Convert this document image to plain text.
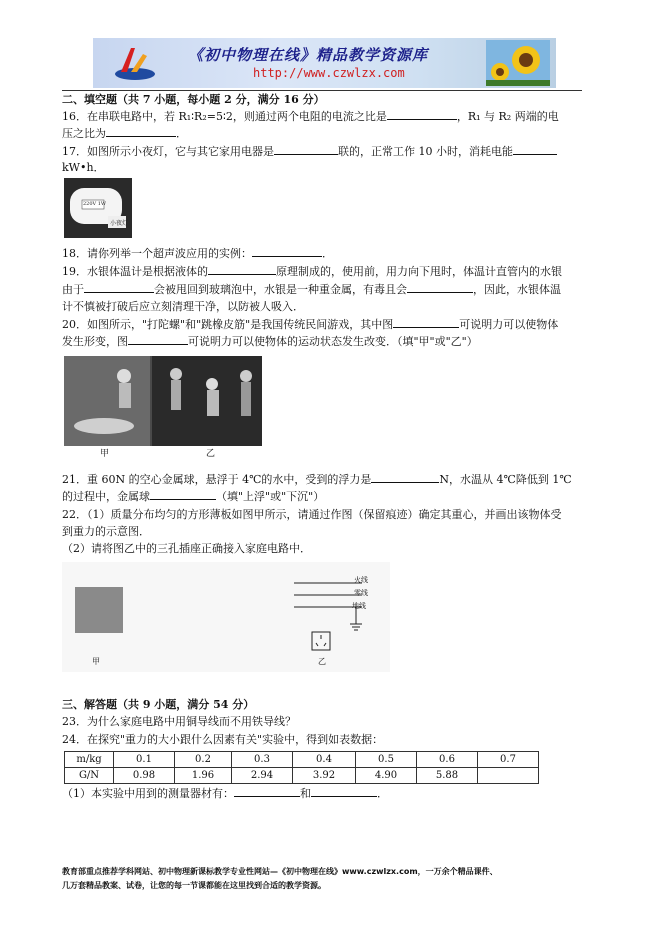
《初中物理在线》精品教学资源库
http://www.czwlzx.com
二、填空题（共 7 小题，每小题 2 分，满分 16 分）
16．在串联电路中，若 R₁∶R₂=5∶2，则通过两个电阻的电流之比是	，R₁ 与 R₂ 两端的电
压之比为	．
17．如图所示小夜灯，它与其它家用电器是	联的，正常工作 10 小时，消耗电能
kW•h．
220V 1W
小夜灯
18．请你列举一个超声波应用的实例：	．
19．水银体温计是根据液体的	原理制成的，使用前，用力向下甩时，体温计直管内的水银
由于	会被甩回到玻璃泡中，水银是一种重金属，有毒且会	，因此，水银体温
计不慎被打破后应立刻清理干净，以防被人吸入．
20．如图所示，"打陀螺"和"跳橡皮筋"是我国传统民间游戏，其中图	可说明力可以使物体
发生形变，图	可说明力可以使物体的运动状态发生改变．（填"甲"或"乙"）
甲	乙
21．重 60N 的空心金属球，悬浮于 4℃的水中，受到的浮力是	N，水温从 4℃降低到 1℃
的过程中，金属球	（填"上浮"或"下沉"）
22．（1）质量分布均匀的方形薄板如图甲所示，请通过作图（保留痕迹）确定其重心，并画出该物体受
到重力的示意图．
（2）请将图乙中的三孔插座正确接入家庭电路中．
甲
火线
零线
地线
乙
三、解答题（共 9 小题，满分 54 分）
23．为什么家庭电路中用铜导线而不用铁导线？
24．在探究"重力的大小跟什么因素有关"实验中，得到如表数据：
m/kg	0.1	0.2	0.3	0.4	0.5	0.6	0.7
G/N	0.98	1.96	2.94	3.92	4.90	5.88	
（1）本实验中用到的测量器材有：	和	．
教育部重点推荐学科网站、初中物理新课标教学专业性网站—《初中物理在线》www.czwlzx.com，一万余个精品课件、
几万套精品教案、试卷，让您的每一节课都能在这里找到合适的教学资源。
